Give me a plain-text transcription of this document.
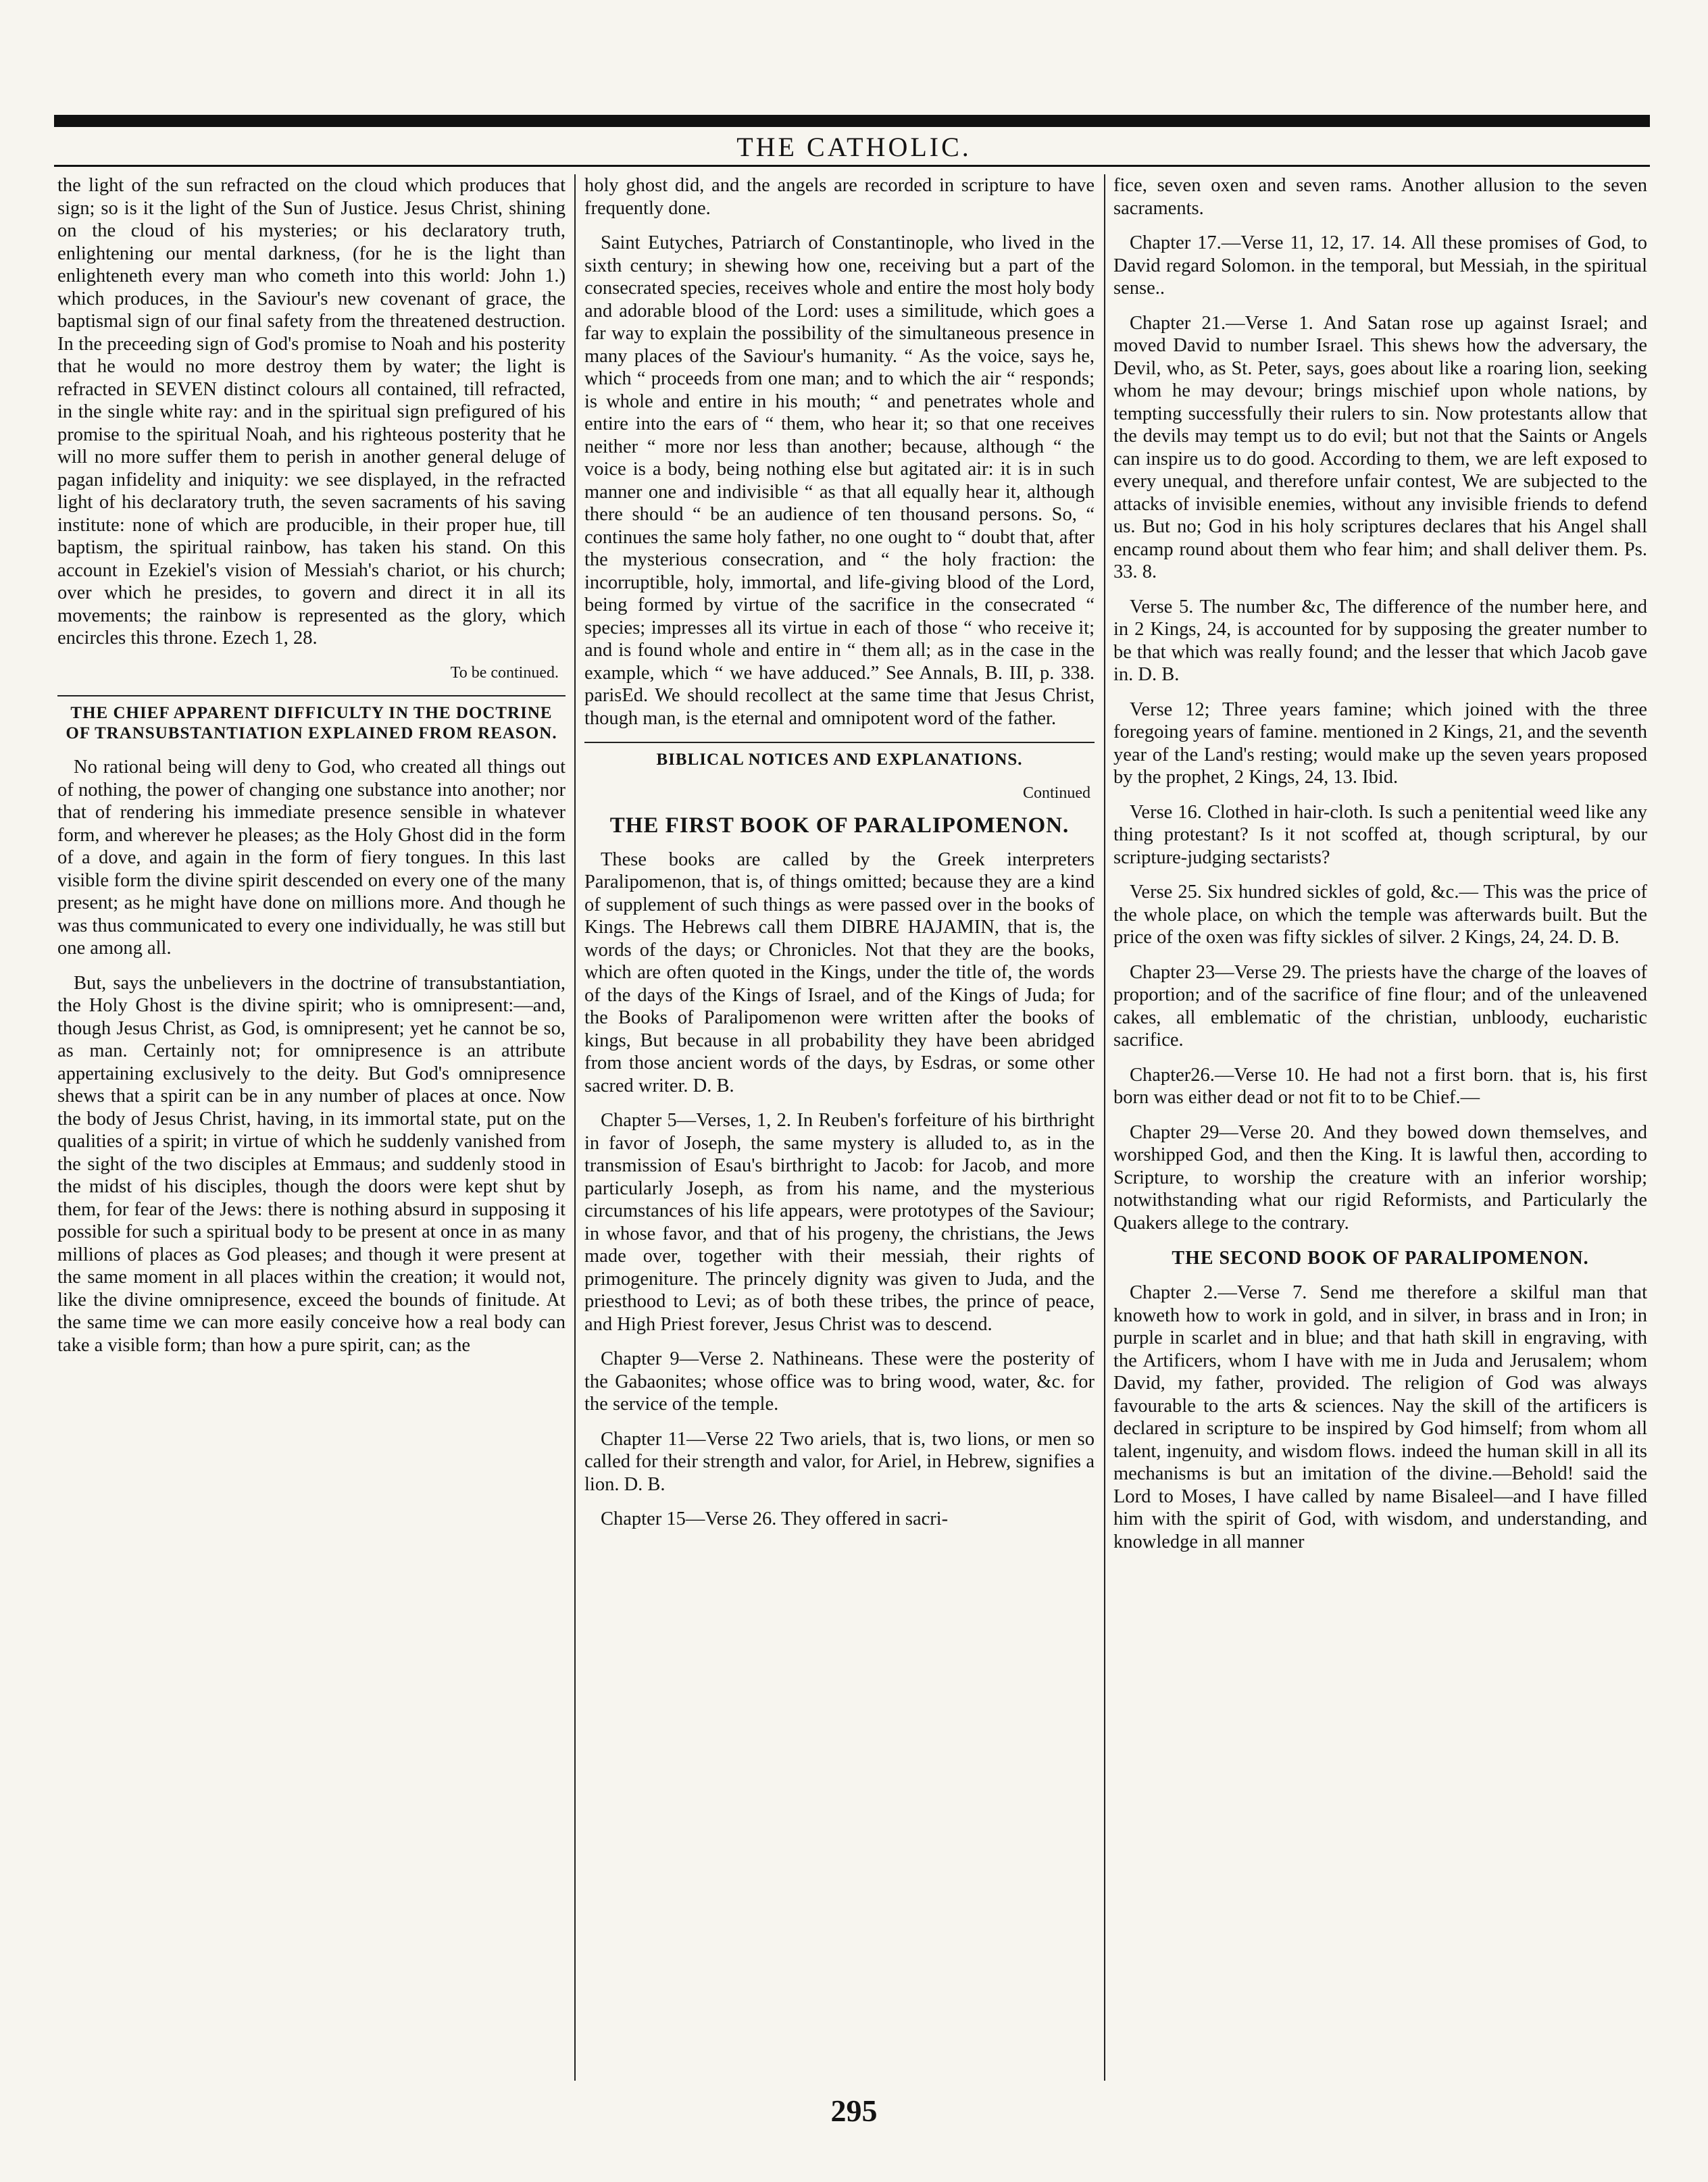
THE CATHOLIC.

the light of the sun refracted on the cloud which produces that sign; so is it the light of the Sun of Justice. Jesus Christ, shining on the cloud of his mysteries; or his declaratory truth, enlightening our mental darkness, (for he is the light than enlighteneth every man who cometh into this world: John 1.) which produces, in the Saviour's new covenant of grace, the baptismal sign of our final safety from the threatened destruction. In the preceeding sign of God's promise to Noah and his posterity that he would no more destroy them by water; the light is refracted in SEVEN distinct colours all contained, till refracted, in the single white ray: and in the spiritual sign prefigured of his promise to the spiritual Noah, and his righteous posterity that he will no more suffer them to perish in another general deluge of pagan infidelity and iniquity: we see displayed, in the refracted light of his declaratory truth, the seven sacraments of his saving institute: none of which are producible, in their proper hue, till baptism, the spiritual rainbow, has taken his stand. On this account in Ezekiel's vision of Messiah's chariot, or his church; over which he presides, to govern and direct it in all its movements; the rainbow is represented as the glory, which encircles this throne. Ezech 1, 28.

To be continued.
THE CHIEF APPARENT DIFFICULTY IN THE DOCTRINE OF TRANSUBSTANTIATION EXPLAINED FROM REASON.

No rational being will deny to God, who created all things out of nothing, the power of changing one substance into another; nor that of rendering his immediate presence sensible in whatever form, and wherever he pleases; as the Holy Ghost did in the form of a dove, and again in the form of fiery tongues. In this last visible form the divine spirit descended on every one of the many present; as he might have done on millions more. And though he was thus communicated to every one individually, he was still but one among all.

But, says the unbelievers in the doctrine of transubstantiation, the Holy Ghost is the divine spirit; who is omnipresent:—and, though Jesus Christ, as God, is omnipresent; yet he cannot be so, as man. Certainly not; for omnipresence is an attribute appertaining exclusively to the deity. But God's omnipresence shews that a spirit can be in any number of places at once. Now the body of Jesus Christ, having, in its immortal state, put on the qualities of a spirit; in virtue of which he suddenly vanished from the sight of the two disciples at Emmaus; and suddenly stood in the midst of his disciples, though the doors were kept shut by them, for fear of the Jews: there is nothing absurd in supposing it possible for such a spiritual body to be present at once in as many millions of places as God pleases; and though it were present at the same moment in all places within the creation; it would not, like the divine omnipresence, exceed the bounds of finitude. At the same time we can more easily conceive how a real body can take a visible form; than how a pure spirit, can; as the

holy ghost did, and the angels are recorded in scripture to have frequently done.

Saint Eutyches, Patriarch of Constantinople, who lived in the sixth century; in shewing how one, receiving but a part of the consecrated species, receives whole and entire the most holy body and adorable blood of the Lord: uses a similitude, which goes a far way to explain the possibility of the simultaneous presence in many places of the Saviour's humanity. “ As the voice, says he, which “ proceeds from one man; and to which the air “ responds; is whole and entire in his mouth; “ and penetrates whole and entire into the ears of “ them, who hear it; so that one receives neither “ more nor less than another; because, although “ the voice is a body, being nothing else but agitated air: it is in such manner one and indivisible “ as that all equally hear it, although there should “ be an audience of ten thousand persons. So, “ continues the same holy father, no one ought to “ doubt that, after the mysterious consecration, and “ the holy fraction: the incorruptible, holy, immortal, and life-giving blood of the Lord, being formed by virtue of the sacrifice in the consecrated “ species; impresses all its virtue in each of those “ who receive it; and is found whole and entire in “ them all; as in the case in the example, which “ we have adduced.” See Annals, B. III, p. 338. parisEd. We should recollect at the same time that Jesus Christ, though man, is the eternal and omnipotent word of the father.

BIBLICAL NOTICES AND EXPLANATIONS.
Continued
THE FIRST BOOK OF PARALIPOMENON.

These books are called by the Greek interpreters Paralipomenon, that is, of things omitted; because they are a kind of supplement of such things as were passed over in the books of Kings. The Hebrews call them DIBRE HAJAMIN, that is, the words of the days; or Chronicles. Not that they are the books, which are often quoted in the Kings, under the title of, the words of the days of the Kings of Israel, and of the Kings of Juda; for the Books of Paralipomenon were written after the books of kings, But because in all probability they have been abridged from those ancient words of the days, by Esdras, or some other sacred writer. D. B.

Chapter 5—Verses, 1, 2. In Reuben's forfeiture of his birthright in favor of Joseph, the same mystery is alluded to, as in the transmission of Esau's birthright to Jacob: for Jacob, and more particularly Joseph, as from his name, and the mysterious circumstances of his life appears, were prototypes of the Saviour; in whose favor, and that of his progeny, the christians, the Jews made over, together with their messiah, their rights of primogeniture. The princely dignity was given to Juda, and the priesthood to Levi; as of both these tribes, the prince of peace, and High Priest forever, Jesus Christ was to descend.

Chapter 9—Verse 2. Nathineans. These were the posterity of the Gabaonites; whose office was to bring wood, water, &c. for the service of the temple.

Chapter 11—Verse 22 Two ariels, that is, two lions, or men so called for their strength and valor, for Ariel, in Hebrew, signifies a lion. D. B.

Chapter 15—Verse 26. They offered in sacri-

fice, seven oxen and seven rams. Another allusion to the seven sacraments.

Chapter 17.—Verse 11, 12, 17. 14. All these promises of God, to David regard Solomon. in the temporal, but Messiah, in the spiritual sense..

Chapter 21.—Verse 1. And Satan rose up against Israel; and moved David to number Israel. This shews how the adversary, the Devil, who, as St. Peter, says, goes about like a roaring lion, seeking whom he may devour; brings mischief upon whole nations, by tempting successfully their rulers to sin. Now protestants allow that the devils may tempt us to do evil; but not that the Saints or Angels can inspire us to do good. According to them, we are left exposed to every unequal, and therefore unfair contest, We are subjected to the attacks of invisible enemies, without any invisible friends to defend us. But no; God in his holy scriptures declares that his Angel shall encamp round about them who fear him; and shall deliver them. Ps. 33. 8.

Verse 5. The number &c, The difference of the number here, and in 2 Kings, 24, is accounted for by supposing the greater number to be that which was really found; and the lesser that which Jacob gave in. D. B.

Verse 12; Three years famine; which joined with the three foregoing years of famine. mentioned in 2 Kings, 21, and the seventh year of the Land's resting; would make up the seven years proposed by the prophet, 2 Kings, 24, 13. Ibid.

Verse 16. Clothed in hair-cloth. Is such a penitential weed like any thing protestant? Is it not scoffed at, though scriptural, by our scripture-judging sectarists?

Verse 25. Six hundred sickles of gold, &c.— This was the price of the whole place, on which the temple was afterwards built. But the price of the oxen was fifty sickles of silver. 2 Kings, 24, 24. D. B.

Chapter 23—Verse 29. The priests have the charge of the loaves of proportion; and of the sacrifice of fine flour; and of the unleavened cakes, all emblematic of the christian, unbloody, eucharistic sacrifice.

Chapter26.—Verse 10. He had not a first born. that is, his first born was either dead or not fit to to be Chief.—

Chapter 29—Verse 20. And they bowed down themselves, and worshipped God, and then the King. It is lawful then, according to Scripture, to worship the creature with an inferior worship; notwithstanding what our rigid Reformists, and Particularly the Quakers allege to the contrary.

THE SECOND BOOK OF PARALIPOMENON.

Chapter 2.—Verse 7. Send me therefore a skilful man that knoweth how to work in gold, and in silver, in brass and in Iron; in purple in scarlet and in blue; and that hath skill in engraving, with the Artificers, whom I have with me in Juda and Jerusalem; whom David, my father, provided. The religion of God was always favourable to the arts & sciences. Nay the skill of the artificers is declared in scripture to be inspired by God himself; from whom all talent, ingenuity, and wisdom flows. indeed the human skill in all its mechanisms is but an imitation of the divine.—Behold! said the Lord to Moses, I have called by name Bisaleel—and I have filled him with the spirit of God, with wisdom, and understanding, and knowledge in all manner

295
